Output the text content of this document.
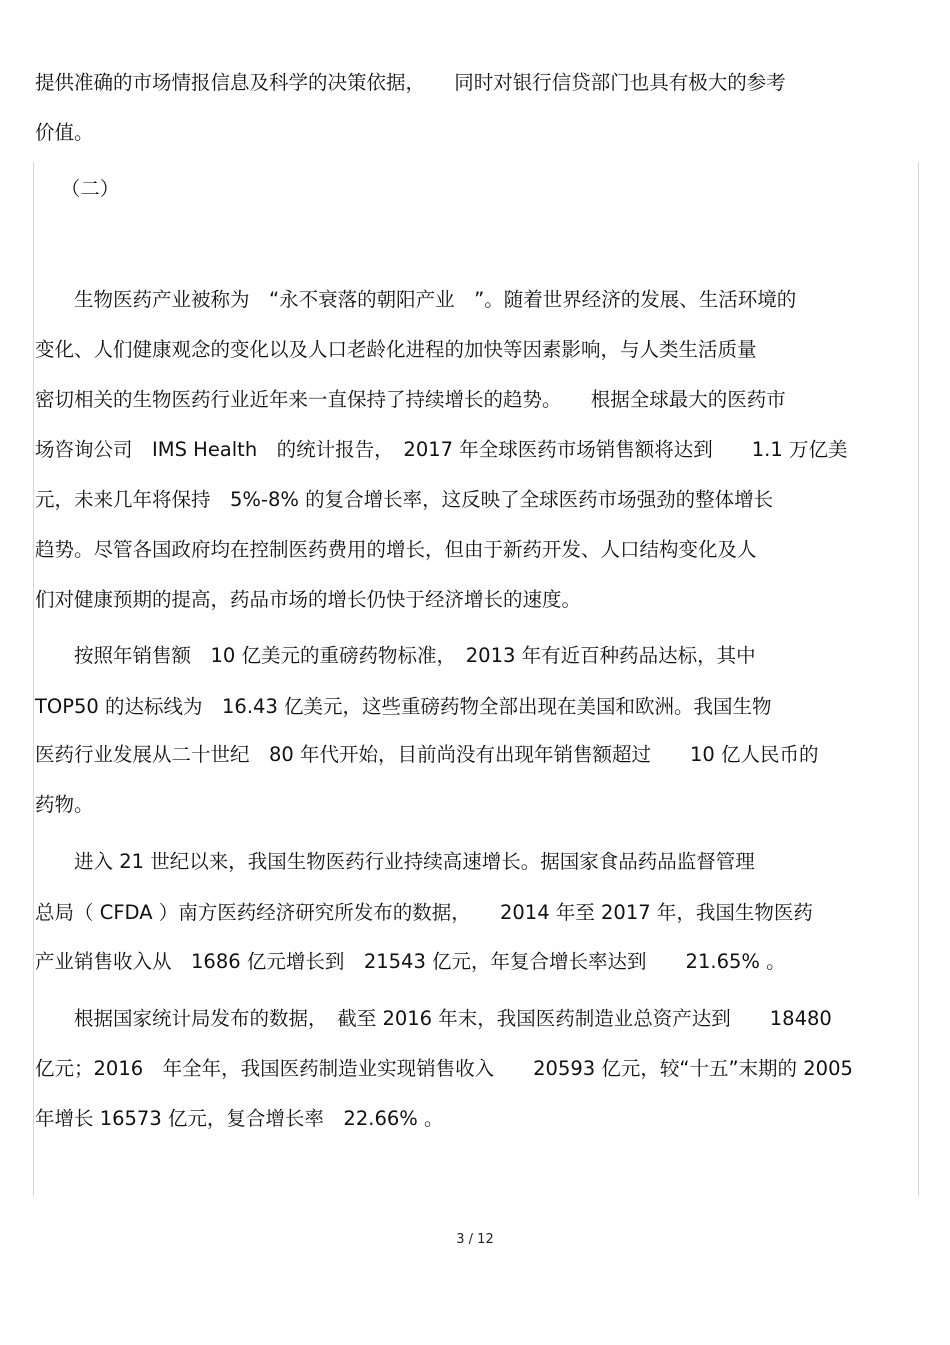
提供准确的市场情报信息及科学的决策依据，　　同时对银行信贷部门也具有极大的参考

价值。

　 （二）

　　生物医药产业被称为　“永不衰落的朝阳产业　”。随着世界经济的发展、生活环境的

变化、人们健康观念的变化以及人口老龄化进程的加快等因素影响，与人类生活质量

密切相关的生物医药行业近年来一直保持了持续增长的趋势。　　根据全球最大的医药市

场咨询公司　IMS Health　的统计报告，　2017 年全球医药市场销售额将达到　　1.1 万亿美

元，未来几年将保持　5%-8% 的复合增长率，这反映了全球医药市场强劲的整体增长

趋势。尽管各国政府均在控制医药费用的增长，但由于新药开发、人口结构变化及人

们对健康预期的提高，药品市场的增长仍快于经济增长的速度。

　　按照年销售额　10 亿美元的重磅药物标准，　2013 年有近百种药品达标，其中

TOP50 的达标线为　16.43 亿美元，这些重磅药物全部出现在美国和欧洲。我国生物

医药行业发展从二十世纪　80 年代开始，目前尚没有出现年销售额超过　　10 亿人民币的

药物。

　　进入 21 世纪以来，我国生物医药行业持续高速增长。据国家食品药品监督管理

总局（ CFDA ）南方医药经济研究所发布的数据，　　2014 年至 2017 年，我国生物医药

产业销售收入从　1686 亿元增长到　21543 亿元，年复合增长率达到　　21.65% 。

　　根据国家统计局发布的数据，　截至 2016 年末，我国医药制造业总资产达到　　18480

亿元；2016　年全年，我国医药制造业实现销售收入　　20593 亿元，较“十五”末期的 2005

年增长 16573 亿元，复合增长率　22.66% 。

3 / 12
